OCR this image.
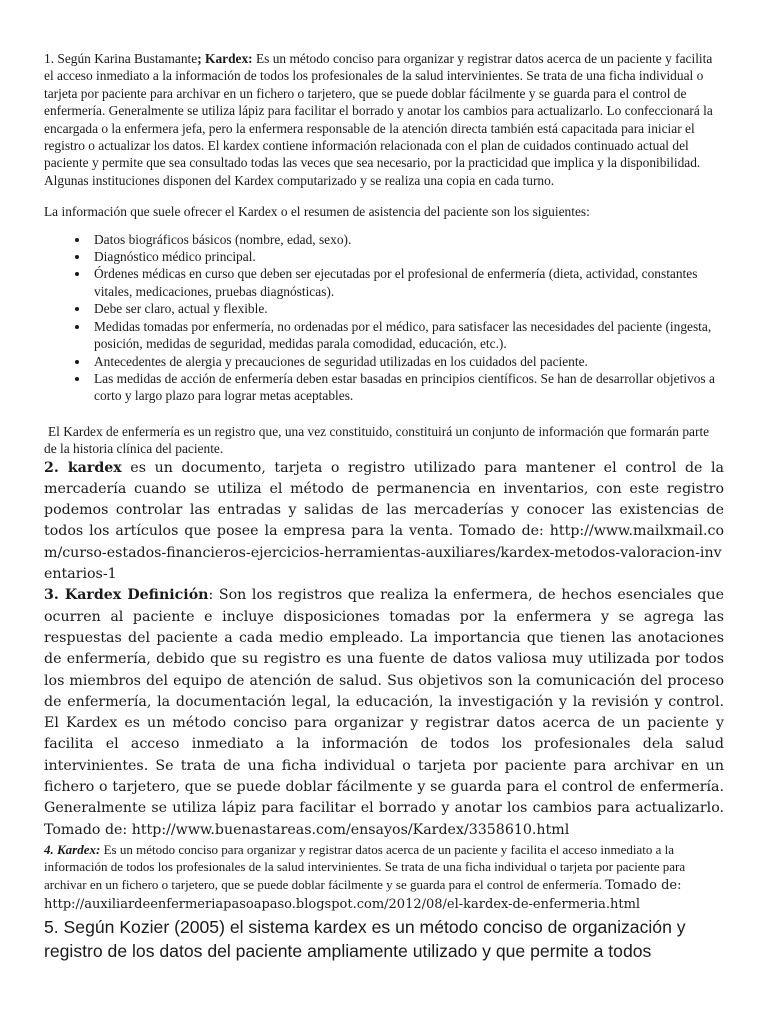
1. Según Karina Bustamante; Kardex: Es un método conciso para organizar y registrar datos acerca de un paciente y facilita el acceso inmediato a la información de todos los profesionales de la salud intervinientes. Se trata de una ficha individual o tarjeta por paciente para archivar en un fichero o tarjetero, que se puede doblar fácilmente y se guarda para el control de enfermería. Generalmente se utiliza lápiz para facilitar el borrado y anotar los cambios para actualizarlo. Lo confeccionará la encargada o la enfermera jefa, pero la enfermera responsable de la atención directa también está capacitada para iniciar el registro o actualizar los datos. El kardex contiene información relacionada con el plan de cuidados continuado actual del paciente y permite que sea consultado todas las veces que sea necesario, por la practicidad que implica y la disponibilidad. Algunas instituciones disponen del Kardex computarizado y se realiza una copia en cada turno.

La información que suele ofrecer el Kardex o el resumen de asistencia del paciente son los siguientes:

• Datos biográficos básicos (nombre, edad, sexo).
• Diagnóstico médico principal.
• Órdenes médicas en curso que deben ser ejecutadas por el profesional de enfermería (dieta, actividad, constantes vitales, medicaciones, pruebas diagnósticas).
• Debe ser claro, actual y flexible.
• Medidas tomadas por enfermería, no ordenadas por el médico, para satisfacer las necesidades del paciente (ingesta, posición, medidas de seguridad, medidas parala comodidad, educación, etc.).
• Antecedentes de alergia y precauciones de seguridad utilizadas en los cuidados del paciente.
• Las medidas de acción de enfermería deben estar basadas en principios científicos. Se han de desarrollar objetivos a corto y largo plazo para lograr metas aceptables.

El Kardex de enfermería es un registro que, una vez constituido, constituirá un conjunto de información que formarán parte de la historia clínica del paciente.

2. kardex es un documento, tarjeta o registro utilizado para mantener el control de la mercadería cuando se utiliza el método de permanencia en inventarios, con este registro podemos controlar las entradas y salidas de las mercaderías y conocer las existencias de todos los artículos que posee la empresa para la venta. Tomado de: http://www.mailxmail.com/curso-estados-financieros-ejercicios-herramientas-auxiliares/kardex-metodos-valoracion-inventarios-1

3. Kardex Definición: Son los registros que realiza la enfermera, de hechos esenciales que ocurren al paciente e incluye disposiciones tomadas por la enfermera y se agrega las respuestas del paciente a cada medio empleado. La importancia que tienen las anotaciones de enfermería, debido que su registro es una fuente de datos valiosa muy utilizada por todos los miembros del equipo de atención de salud. Sus objetivos son la comunicación del proceso de enfermería, la documentación legal, la educación, la investigación y la revisión y control. El Kardex es un método conciso para organizar y registrar datos acerca de un paciente y facilita el acceso inmediato a la información de todos los profesionales dela salud intervinientes. Se trata de una ficha individual o tarjeta por paciente para archivar en un fichero o tarjetero, que se puede doblar fácilmente y se guarda para el control de enfermería. Generalmente se utiliza lápiz para facilitar el borrado y anotar los cambios para actualizarlo. Tomado de: http://www.buenastareas.com/ensayos/Kardex/3358610.html

4. Kardex: Es un método conciso para organizar y registrar datos acerca de un paciente y facilita el acceso inmediato a la información de todos los profesionales de la salud intervinientes. Se trata de una ficha individual o tarjeta por paciente para archivar en un fichero o tarjetero, que se puede doblar fácilmente y se guarda para el control de enfermería. Tomado de: http://auxiliardeenfermeriapasoapaso.blogspot.com/2012/08/el-kardex-de-enfermeria.html

5. Según Kozier (2005) el sistema kardex es un método conciso de organización y registro de los datos del paciente ampliamente utilizado y que permite a todos
